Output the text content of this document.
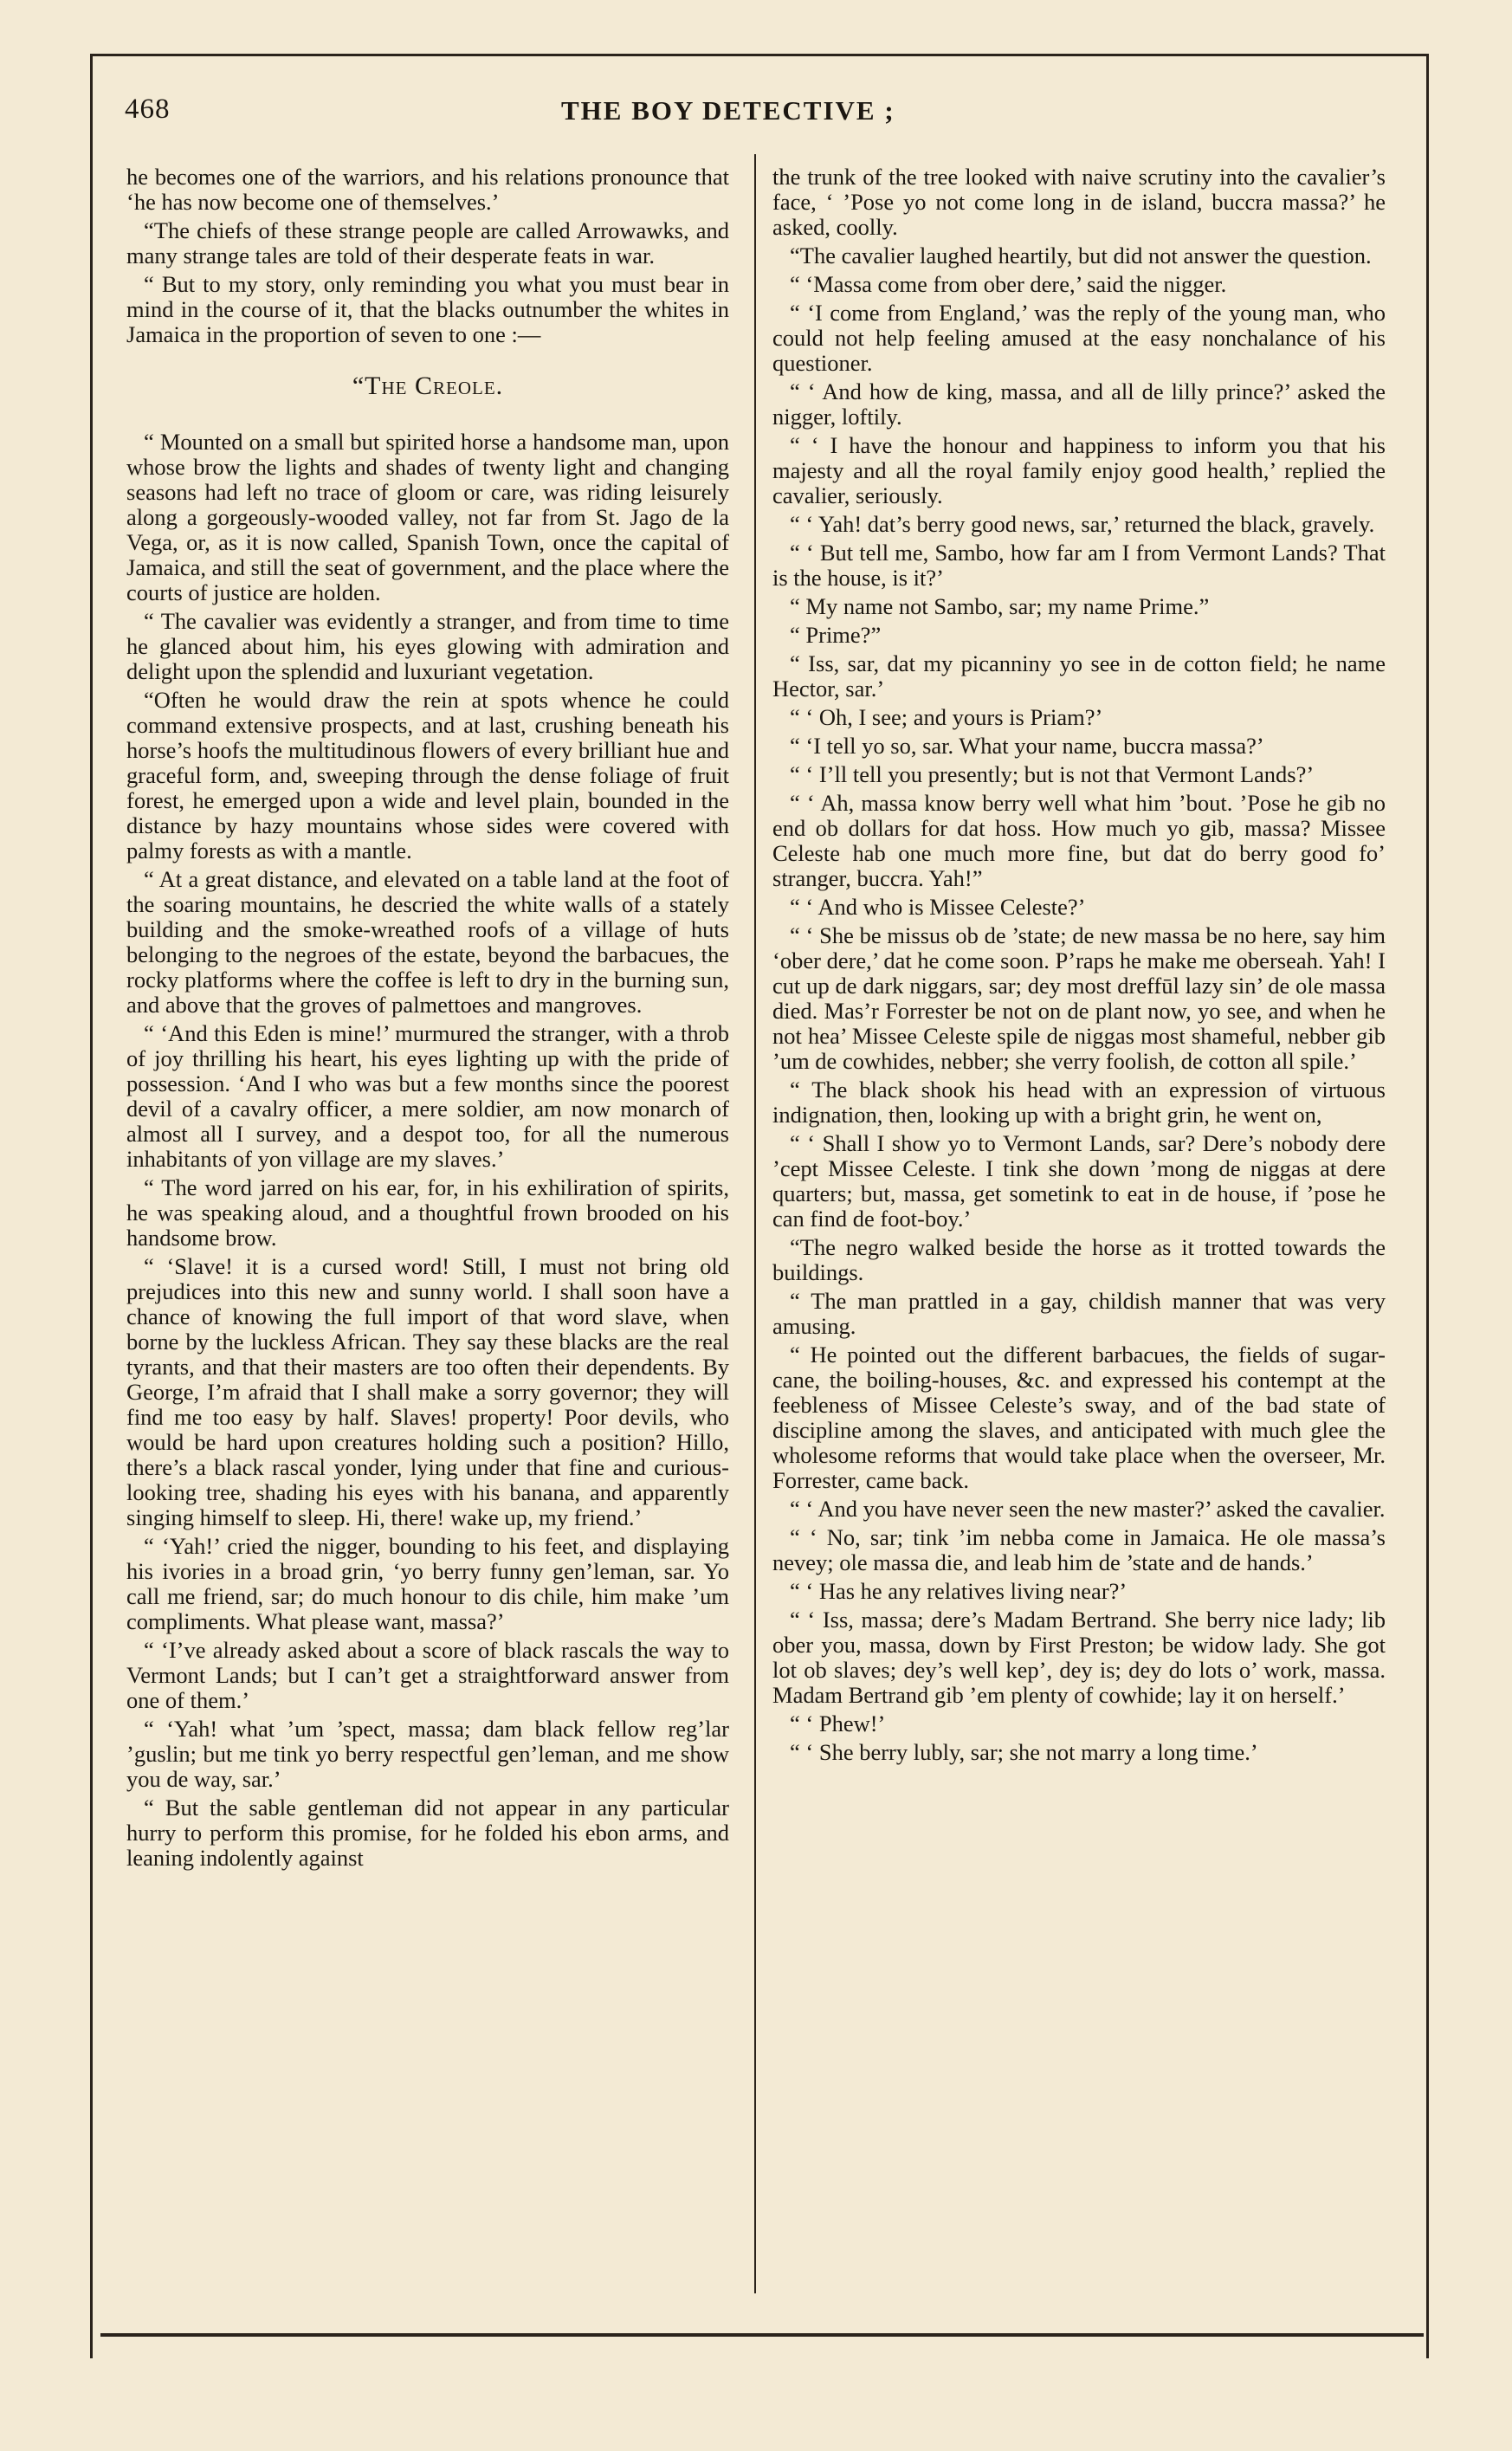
468	THE BOY DETECTIVE ;

he becomes one of the warriors, and his relations pronounce that ‘he has now become one of themselves.’

“The chiefs of these strange people are called Arrowawks, and many strange tales are told of their desperate feats in war.

“ But to my story, only reminding you what you must bear in mind in the course of it, that the blacks outnumber the whites in Jamaica in the proportion of seven to one :—

“The Creole.

“ Mounted on a small but spirited horse a handsome man, upon whose brow the lights and shades of twenty light and changing seasons had left no trace of gloom or care, was riding leisurely along a gorgeously-wooded valley, not far from St. Jago de la Vega, or, as it is now called, Spanish Town, once the capital of Jamaica, and still the seat of government, and the place where the courts of justice are holden.

“ The cavalier was evidently a stranger, and from time to time he glanced about him, his eyes glowing with admiration and delight upon the splendid and luxuriant vegetation.

“Often he would draw the rein at spots whence he could command extensive prospects, and at last, crushing beneath his horse’s hoofs the multitudinous flowers of every brilliant hue and graceful form, and, sweeping through the dense foliage of fruit forest, he emerged upon a wide and level plain, bounded in the distance by hazy mountains whose sides were covered with palmy forests as with a mantle.

“ At a great distance, and elevated on a table land at the foot of the soaring mountains, he descried the white walls of a stately building and the smoke-wreathed roofs of a village of huts belonging to the negroes of the estate, beyond the barbacues, the rocky platforms where the coffee is left to dry in the burning sun, and above that the groves of palmettoes and mangroves.

“ ‘And this Eden is mine!’ murmured the stranger, with a throb of joy thrilling his heart, his eyes lighting up with the pride of possession. ‘And I who was but a few months since the poorest devil of a cavalry officer, a mere soldier, am now monarch of almost all I survey, and a despot too, for all the numerous inhabitants of yon village are my slaves.’

“ The word jarred on his ear, for, in his exhiliration of spirits, he was speaking aloud, and a thoughtful frown brooded on his handsome brow.

“ ‘Slave! it is a cursed word! Still, I must not bring old prejudices into this new and sunny world. I shall soon have a chance of knowing the full import of that word slave, when borne by the luckless African. They say these blacks are the real tyrants, and that their masters are too often their dependents. By George, I’m afraid that I shall make a sorry governor; they will find me too easy by half. Slaves! property! Poor devils, who would be hard upon creatures holding such a position? Hillo, there’s a black rascal yonder, lying under that fine and curious-looking tree, shading his eyes with his banana, and apparently singing himself to sleep. Hi, there! wake up, my friend.’

“ ‘Yah!’ cried the nigger, bounding to his feet, and displaying his ivories in a broad grin, ‘yo berry funny gen’leman, sar. Yo call me friend, sar; do much honour to dis chile, him make ’um compliments. What please want, massa?’

“ ‘I’ve already asked about a score of black rascals the way to Vermont Lands; but I can’t get a straightforward answer from one of them.’

“ ‘Yah! what ’um ’spect, massa; dam black fellow reg’lar ’guslin; but me tink yo berry respectful gen’leman, and me show you de way, sar.’

“ But the sable gentleman did not appear in any particular hurry to perform this promise, for he folded his ebon arms, and leaning indolently against

the trunk of the tree looked with naive scrutiny into the cavalier’s face, ‘ ’Pose yo not come long in de island, buccra massa?’ he asked, coolly.

“The cavalier laughed heartily, but did not answer the question.

“ ‘Massa come from ober dere,’ said the nigger.

“ ‘I come from England,’ was the reply of the young man, who could not help feeling amused at the easy nonchalance of his questioner.

“ ‘ And how de king, massa, and all de lilly prince?’ asked the nigger, loftily.

“ ‘ I have the honour and happiness to inform you that his majesty and all the royal family enjoy good health,’ replied the cavalier, seriously.

“ ‘ Yah! dat’s berry good news, sar,’ returned the black, gravely.

“ ‘ But tell me, Sambo, how far am I from Vermont Lands? That is the house, is it?’

“ My name not Sambo, sar; my name Prime.”

“ Prime?”

“ Iss, sar, dat my picanniny yo see in de cotton field; he name Hector, sar.’

“ ‘ Oh, I see; and yours is Priam?’

“ ‘I tell yo so, sar. What your name, buccra massa?’

“ ‘ I’ll tell you presently; but is not that Vermont Lands?’

“ ‘ Ah, massa know berry well what him ’bout. ’Pose he gib no end ob dollars for dat hoss. How much yo gib, massa? Missee Celeste hab one much more fine, but dat do berry good fo’ stranger, buccra. Yah!”

“ ‘ And who is Missee Celeste?’

“ ‘ She be missus ob de ’state; de new massa be no here, say him ‘ober dere,’ dat he come soon. P’raps he make me oberseah. Yah! I cut up de dark niggars, sar; dey most dreffūl lazy sin’ de ole massa died. Mas’r Forrester be not on de plant now, yo see, and when he not hea’ Missee Celeste spile de niggas most shameful, nebber gib ’um de cowhides, nebber; she verry foolish, de cotton all spile.’

“ The black shook his head with an expression of virtuous indignation, then, looking up with a bright grin, he went on,

“ ‘ Shall I show yo to Vermont Lands, sar? Dere’s nobody dere ’cept Missee Celeste. I tink she down ’mong de niggas at dere quarters; but, massa, get sometink to eat in de house, if ’pose he can find de foot-boy.’

“The negro walked beside the horse as it trotted towards the buildings.

“ The man prattled in a gay, childish manner that was very amusing.

“ He pointed out the different barbacues, the fields of sugar-cane, the boiling-houses, &c. and expressed his contempt at the feebleness of Missee Celeste’s sway, and of the bad state of discipline among the slaves, and anticipated with much glee the wholesome reforms that would take place when the overseer, Mr. Forrester, came back.

“ ‘ And you have never seen the new master?’ asked the cavalier.

“ ‘ No, sar; tink ’im nebba come in Jamaica. He ole massa’s nevey; ole massa die, and leab him de ’state and de hands.’

“ ‘ Has he any relatives living near?’

“ ‘ Iss, massa; dere’s Madam Bertrand. She berry nice lady; lib ober you, massa, down by First Preston; be widow lady. She got lot ob slaves; dey’s well kep’, dey is; dey do lots o’ work, massa. Madam Bertrand gib ’em plenty of cowhide; lay it on herself.’

“ ‘ Phew!’

“ ‘ She berry lubly, sar; she not marry a long time.’
